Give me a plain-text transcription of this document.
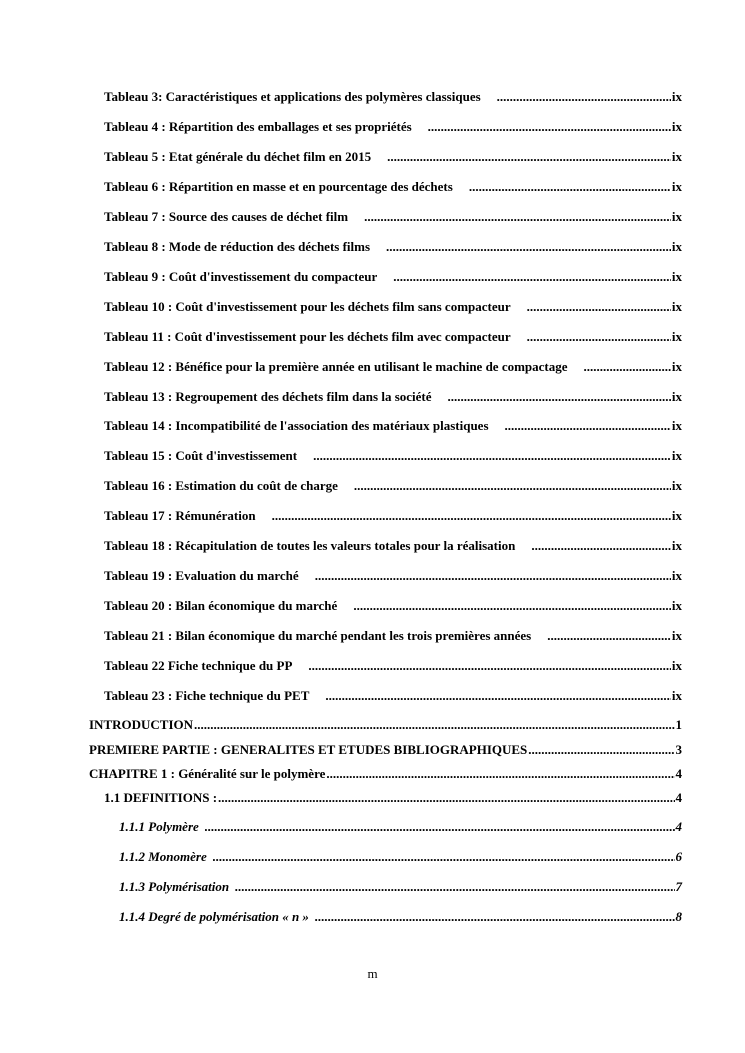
Tableau 3: Caractéristiques et applications des polymères classiques .....	ix
Tableau 4 : Répartition des emballages et ses propriétés .....	ix
Tableau 5 : Etat générale du déchet film en 2015 .....	ix
Tableau 6 : Répartition en masse et en pourcentage des déchets .....	ix
Tableau 7 : Source des causes de déchet film .....	ix
Tableau 8 : Mode de réduction des déchets films .....	ix
Tableau 9 : Coût d'investissement du compacteur .....	ix
Tableau 10 : Coût d'investissement pour les déchets film sans compacteur .....	ix
Tableau 11 : Coût d'investissement pour les déchets film avec compacteur .....	ix
Tableau 12 : Bénéfice pour la première année en utilisant le machine de compactage .....	ix
Tableau 13 : Regroupement des déchets film dans la société .....	ix
Tableau 14 : Incompatibilité de l'association des matériaux plastiques .....	ix
Tableau 15 : Coût d'investissement .....	ix
Tableau 16 : Estimation du coût de charge .....	ix
Tableau 17 : Rémunération .....	ix
Tableau 18 : Récapitulation de toutes les valeurs totales pour la réalisation .....	ix
Tableau 19 : Evaluation du marché .....	ix
Tableau 20 : Bilan économique du marché .....	ix
Tableau 21 : Bilan économique du marché pendant les trois premières années .....	ix
Tableau 22 Fiche technique du PP .....	ix
Tableau 23 : Fiche technique du PET .....	ix
INTRODUCTION .....	1
PREMIERE PARTIE : GENERALITES ET ETUDES BIBLIOGRAPHIQUES .....	3
CHAPITRE 1 : Généralité sur le polymère .....	4
1.1 DEFINITIONS : .....	4
1.1.1 Polymère .....	4
1.1.2 Monomère .....	6
1.1.3 Polymérisation .....	7
1.1.4 Degré de polymérisation « n » .....	8
m
